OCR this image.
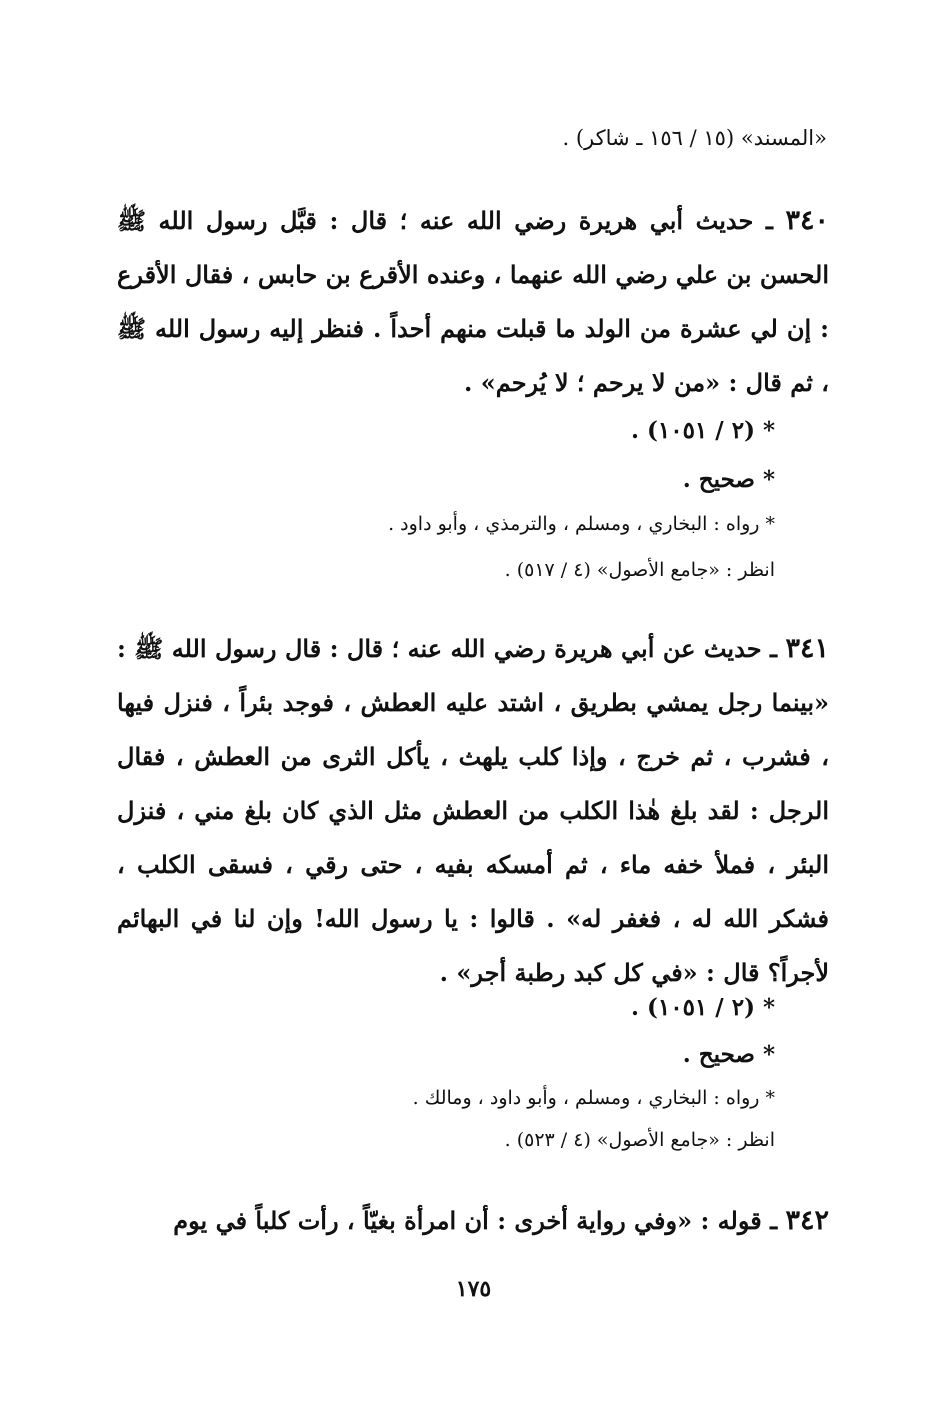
«المسند» (١٥ / ١٥٦ ـ شاكر) .
٣٤٠ ـ حديث أبي هريرة رضي الله عنه ؛ قال : قبَّل رسول الله ﷺ الحسن بن علي رضي الله عنهما ، وعنده الأقرع بن حابس ، فقال الأقرع : إن لي عشرة من الولد ما قبلت منهم أحداً . فنظر إليه رسول الله ﷺ ، ثم قال : «من لا يرحم ؛ لا يُرحم» .
* (٢ / ١٠٥١) .
* صحيح .
* رواه : البخاري ، ومسلم ، والترمذي ، وأبو داود .
انظر : «جامع الأصول» (٤ / ٥١٧) .
٣٤١ ـ حديث عن أبي هريرة رضي الله عنه ؛ قال : قال رسول الله ﷺ : «بينما رجل يمشي بطريق ، اشتد عليه العطش ، فوجد بئراً ، فنزل فيها ، فشرب ، ثم خرج ، وإذا كلب يلهث ، يأكل الثرى من العطش ، فقال الرجل : لقد بلغ هٰذا الكلب من العطش مثل الذي كان بلغ مني ، فنزل البئر ، فملأ خفه ماء ، ثم أمسكه بفيه ، حتى رقي ، فسقى الكلب ، فشكر الله له ، فغفر له» . قالوا : يا رسول الله! وإن لنا في البهائم لأجراً؟ قال : «في كل كبد رطبة أجر» .
* (٢ / ١٠٥١) .
* صحيح .
* رواه : البخاري ، ومسلم ، وأبو داود ، ومالك .
انظر : «جامع الأصول» (٤ / ٥٢٣) .
٣٤٢ ـ قوله : «وفي رواية أخرى : أن امرأة بغيّاً ، رأت كلباً في يوم
١٧٥
